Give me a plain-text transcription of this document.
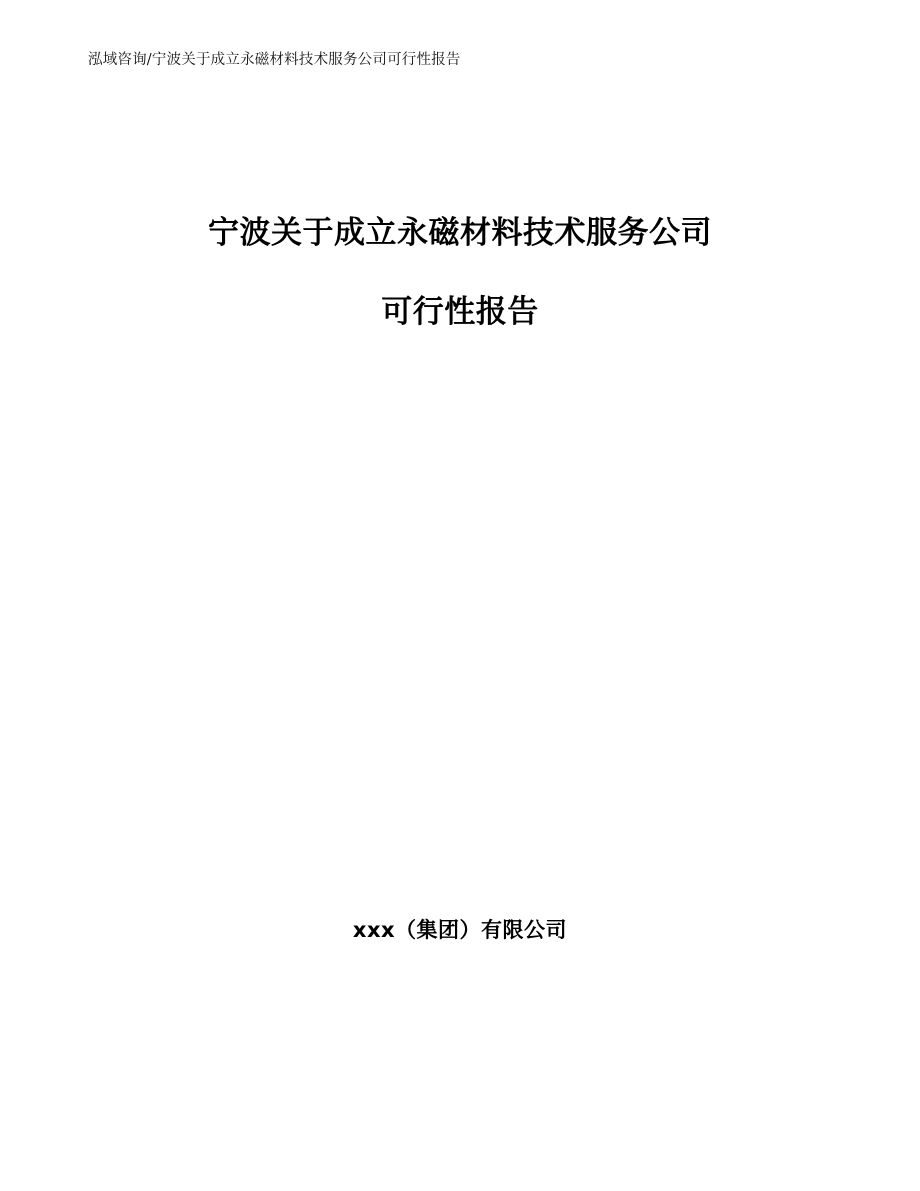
泓域咨询/宁波关于成立永磁材料技术服务公司可行性报告
宁波关于成立永磁材料技术服务公司
可行性报告
xxx（集团）有限公司
